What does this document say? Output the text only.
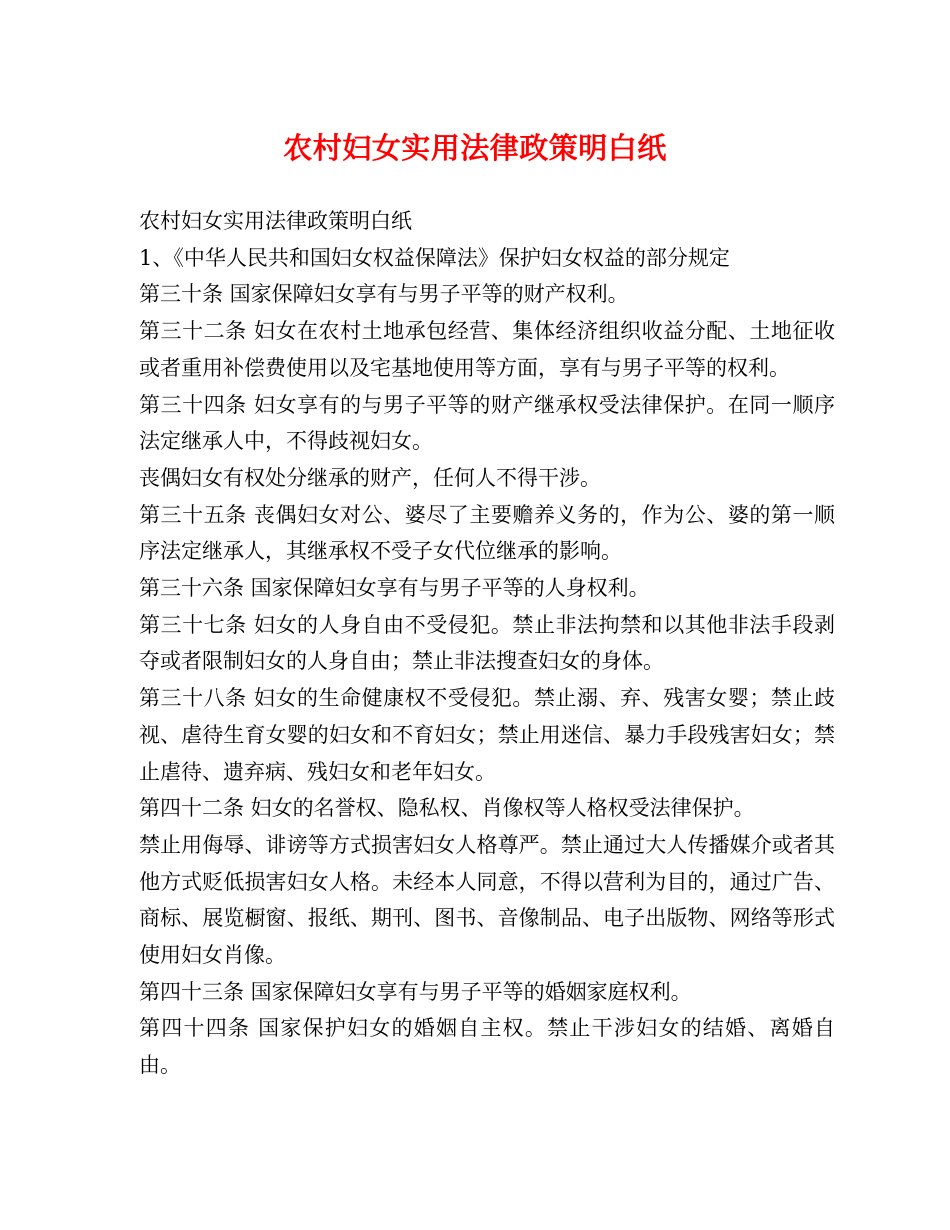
农村妇女实用法律政策明白纸

农村妇女实用法律政策明白纸

1、《中华人民共和国妇女权益保障法》保护妇女权益的部分规定

第三十条 国家保障妇女享有与男子平等的财产权利。

第三十二条 妇女在农村土地承包经营、集体经济组织收益分配、土地征收或者重用补偿费使用以及宅基地使用等方面，享有与男子平等的权利。

第三十四条 妇女享有的与男子平等的财产继承权受法律保护。在同一顺序法定继承人中，不得歧视妇女。

丧偶妇女有权处分继承的财产，任何人不得干涉。

第三十五条 丧偶妇女对公、婆尽了主要赡养义务的，作为公、婆的第一顺序法定继承人，其继承权不受子女代位继承的影响。

第三十六条 国家保障妇女享有与男子平等的人身权利。

第三十七条 妇女的人身自由不受侵犯。禁止非法拘禁和以其他非法手段剥夺或者限制妇女的人身自由；禁止非法搜查妇女的身体。

第三十八条 妇女的生命健康权不受侵犯。禁止溺、弃、残害女婴；禁止歧视、虐待生育女婴的妇女和不育妇女；禁止用迷信、暴力手段残害妇女；禁止虐待、遗弃病、残妇女和老年妇女。

第四十二条 妇女的名誉权、隐私权、肖像权等人格权受法律保护。

禁止用侮辱、诽谤等方式损害妇女人格尊严。禁止通过大人传播媒介或者其他方式贬低损害妇女人格。未经本人同意，不得以营利为目的，通过广告、商标、展览橱窗、报纸、期刊、图书、音像制品、电子出版物、网络等形式使用妇女肖像。

第四十三条 国家保障妇女享有与男子平等的婚姻家庭权利。

第四十四条 国家保护妇女的婚姻自主权。禁止干涉妇女的结婚、离婚自由。
